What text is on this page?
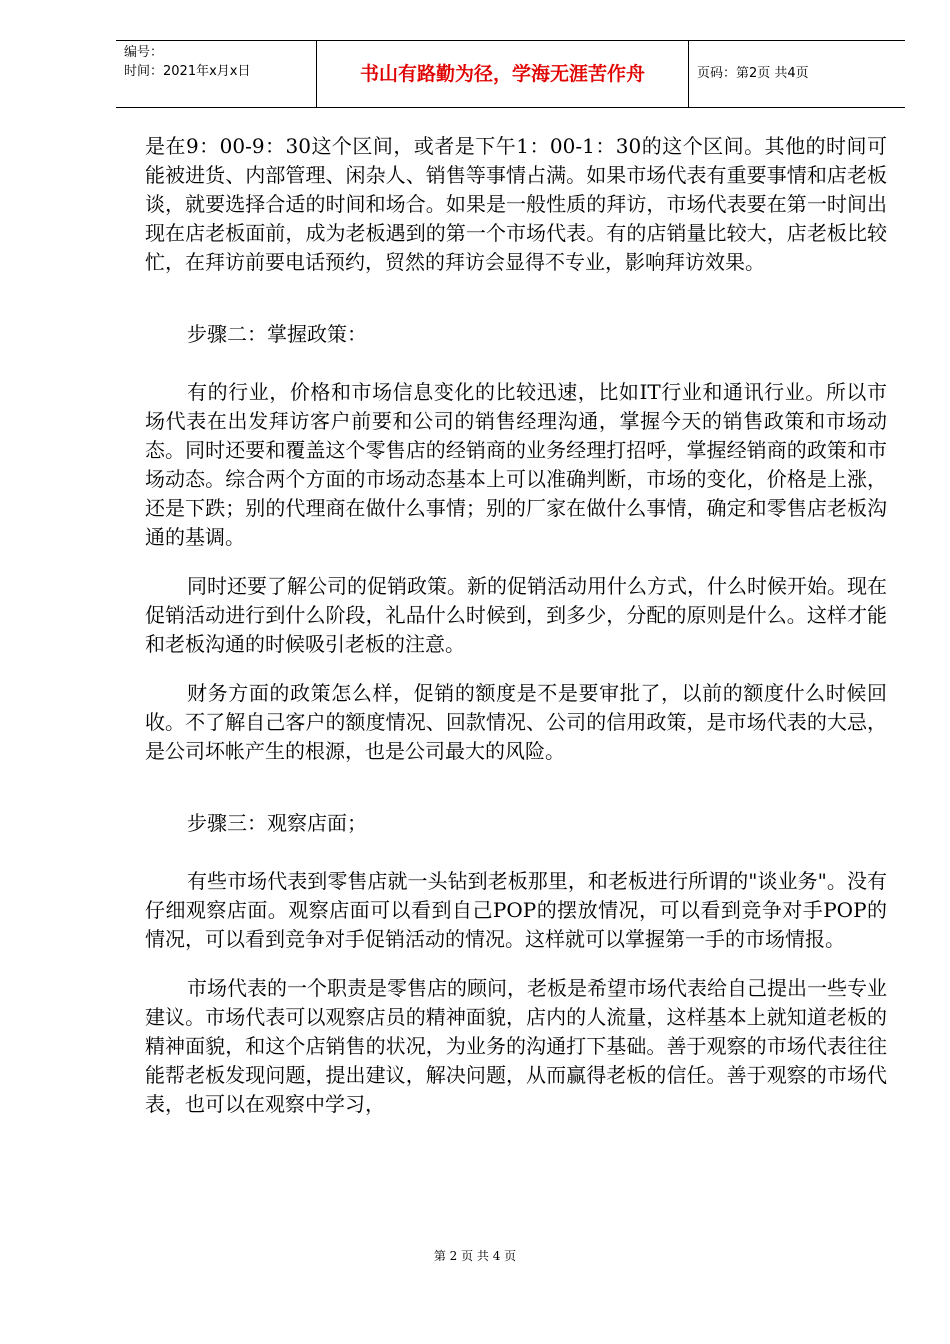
编号：
时间：2021年x月x日	书山有路勤为径，学海无涯苦作舟	页码：第2页 共4页

是在9：00-9：30这个区间，或者是下午1：00-1：30的这个区间。其他的时间可能被进货、内部管理、闲杂人、销售等事情占满。如果市场代表有重要事情和店老板谈，就要选择合适的时间和场合。如果是一般性质的拜访，市场代表要在第一时间出现在店老板面前，成为老板遇到的第一个市场代表。有的店销量比较大，店老板比较忙，在拜访前要电话预约，贸然的拜访会显得不专业，影响拜访效果。

步骤二：掌握政策：

有的行业，价格和市场信息变化的比较迅速，比如IT行业和通讯行业。所以市场代表在出发拜访客户前要和公司的销售经理沟通，掌握今天的销售政策和市场动态。同时还要和覆盖这个零售店的经销商的业务经理打招呼，掌握经销商的政策和市场动态。综合两个方面的市场动态基本上可以准确判断，市场的变化，价格是上涨，还是下跌；别的代理商在做什么事情；别的厂家在做什么事情，确定和零售店老板沟通的基调。

同时还要了解公司的促销政策。新的促销活动用什么方式，什么时候开始。现在促销活动进行到什么阶段，礼品什么时候到，到多少，分配的原则是什么。这样才能和老板沟通的时候吸引老板的注意。

财务方面的政策怎么样，促销的额度是不是要审批了，以前的额度什么时候回收。不了解自己客户的额度情况、回款情况、公司的信用政策，是市场代表的大忌，是公司坏帐产生的根源，也是公司最大的风险。

步骤三：观察店面；

有些市场代表到零售店就一头钻到老板那里，和老板进行所谓的"谈业务"。没有仔细观察店面。观察店面可以看到自己POP的摆放情况，可以看到竞争对手POP的情况，可以看到竞争对手促销活动的情况。这样就可以掌握第一手的市场情报。

市场代表的一个职责是零售店的顾问，老板是希望市场代表给自己提出一些专业建议。市场代表可以观察店员的精神面貌，店内的人流量，这样基本上就知道老板的精神面貌，和这个店销售的状况，为业务的沟通打下基础。善于观察的市场代表往往能帮老板发现问题，提出建议，解决问题，从而赢得老板的信任。善于观察的市场代表，也可以在观察中学习，

第 2 页 共 4 页
